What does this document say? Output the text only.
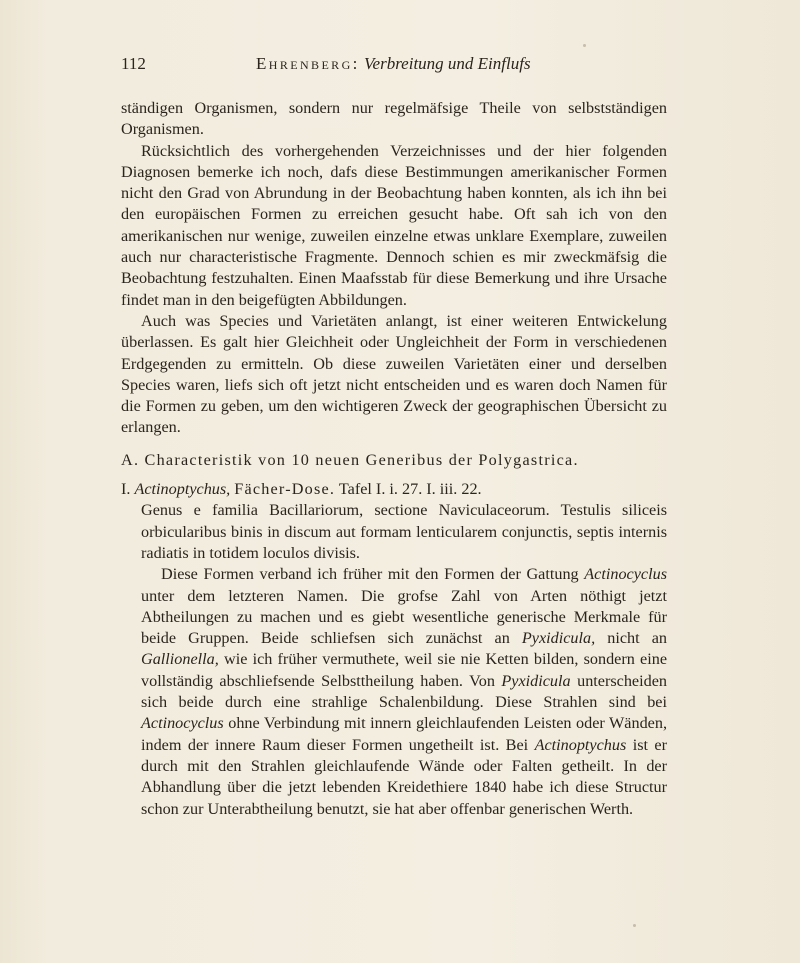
112	Ehrenberg: Verbreitung und Einflufs

ständigen Organismen, sondern nur regelmäfsige Theile von selbstständigen Organismen.

Rücksichtlich des vorhergehenden Verzeichnisses und der hier folgenden Diagnosen bemerke ich noch, dafs diese Bestimmungen amerikanischer Formen nicht den Grad von Abrundung in der Beobachtung haben konnten, als ich ihn bei den europäischen Formen zu erreichen gesucht habe. Oft sah ich von den amerikanischen nur wenige, zuweilen einzelne etwas unklare Exemplare, zuweilen auch nur characteristische Fragmente. Dennoch schien es mir zweckmäfsig die Beobachtung festzuhalten. Einen Maafsstab für diese Bemerkung und ihre Ursache findet man in den beigefügten Abbildungen.

Auch was Species und Varietäten anlangt, ist einer weiteren Entwickelung überlassen. Es galt hier Gleichheit oder Ungleichheit der Form in verschiedenen Erdgegenden zu ermitteln. Ob diese zuweilen Varietäten einer und derselben Species waren, liefs sich oft jetzt nicht entscheiden und es waren doch Namen für die Formen zu geben, um den wichtigeren Zweck der geographischen Übersicht zu erlangen.

A. Characteristik von 10 neuen Generibus der Polygastrica.

I. Actinoptychus, Fächer-Dose. Tafel I. i. 27. I. iii. 22.

Genus e familia Bacillariorum, sectione Naviculaceorum. Testulis siliceis orbicularibus binis in discum aut formam lenticularem conjunctis, septis internis radiatis in totidem loculos divisis.

Diese Formen verband ich früher mit den Formen der Gattung Actinocyclus unter dem letzteren Namen. Die grofse Zahl von Arten nöthigt jetzt Abtheilungen zu machen und es giebt wesentliche generische Merkmale für beide Gruppen. Beide schliefsen sich zunächst an Pyxidicula, nicht an Gallionella, wie ich früher vermuthete, weil sie nie Ketten bilden, sondern eine vollständig abschliefsende Selbsttheilung haben. Von Pyxidicula unterscheiden sich beide durch eine strahlige Schalenbildung. Diese Strahlen sind bei Actinocyclus ohne Verbindung mit innern gleichlaufenden Leisten oder Wänden, indem der innere Raum dieser Formen ungetheilt ist. Bei Actinoptychus ist er durch mit den Strahlen gleichlaufende Wände oder Falten getheilt. In der Abhandlung über die jetzt lebenden Kreidethiere 1840 habe ich diese Structur schon zur Unterabtheilung benutzt, sie hat aber offenbar generischen Werth.
